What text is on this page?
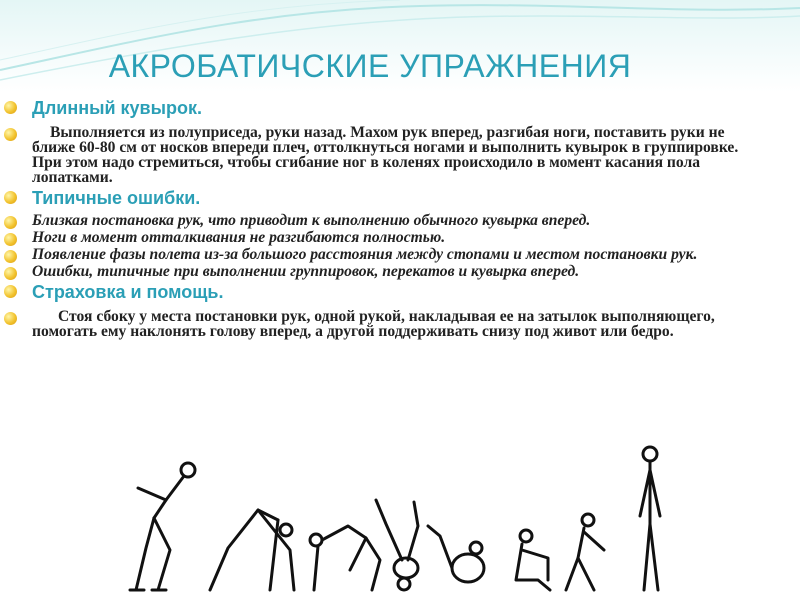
АКРОБАТИЧСКИЕ УПРАЖНЕНИЯ
Длинный кувырок.
Выполняется из полуприседа, руки назад. Махом рук вперед, разгибая ноги, поставить руки не ближе 60-80 см от носков впереди плеч, оттолкнуться ногами и выполнить кувырок в группировке. При этом надо стремиться, чтобы сгибание ног в коленях происходило в момент касания пола лопатками.
Типичные ошибки.
Близкая постановка рук, что приводит к выполнению обычного кувырка вперед.
Ноги в момент отталкивания не разгибаются полностью.
Появление фазы полета из-за большого расстояния между стопами и местом постановки рук.
Ошибки, типичные при выполнении группировок, перекатов и кувырка вперед.
Страховка и помощь.
Стоя сбоку у места постановки рук, одной рукой, накладывая ее на затылок выполняющего, помогать ему наклонять голову вперед, а другой поддерживать снизу под живот или бедро.
